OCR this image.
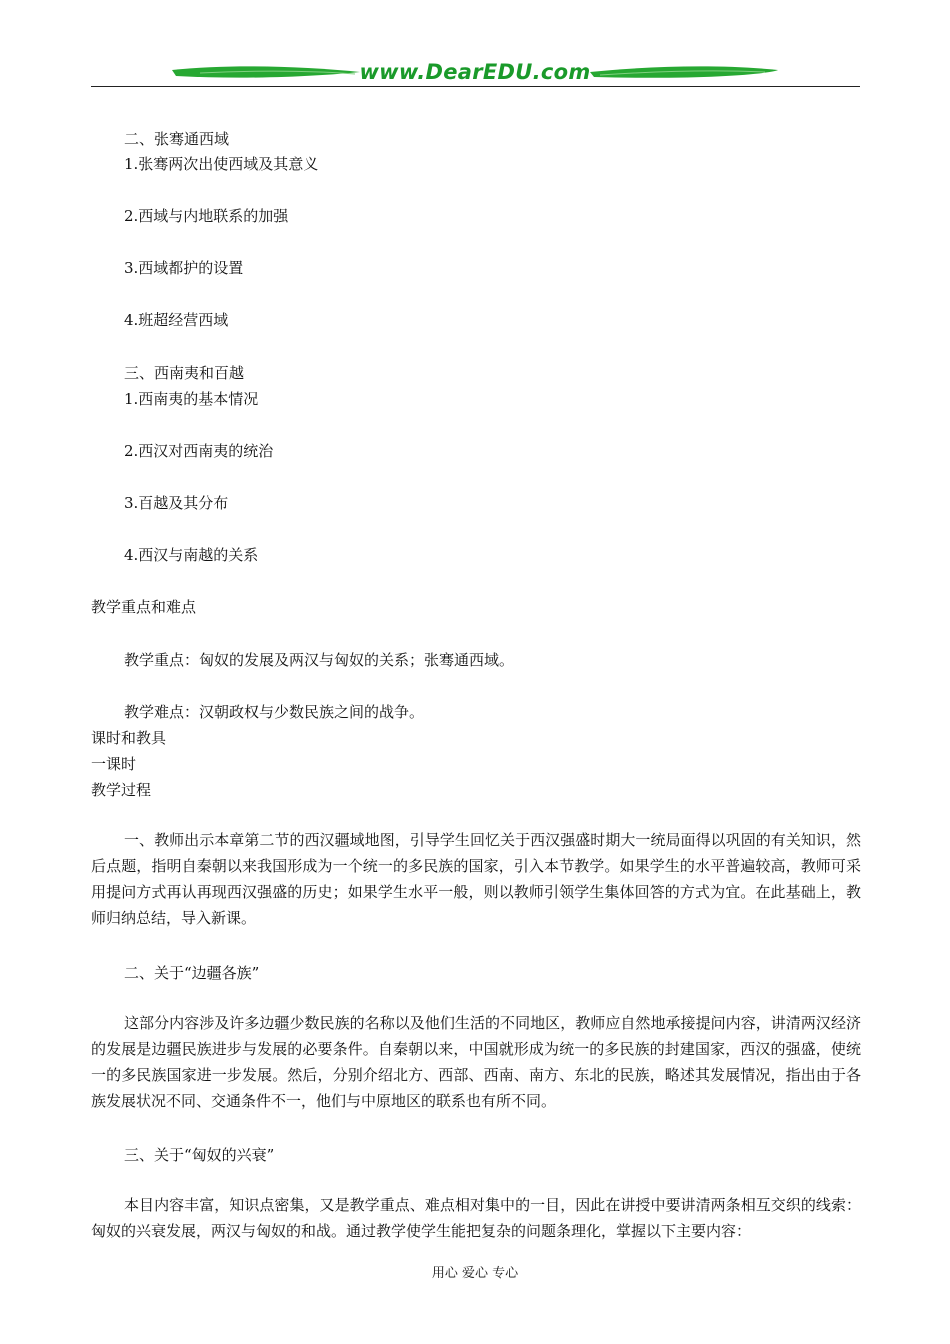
www.DearEDU.com
二、张骞通西域
1.张骞两次出使西域及其意义
2.西域与内地联系的加强
3.西域都护的设置
4.班超经营西域
三、西南夷和百越
1.西南夷的基本情况
2.西汉对西南夷的统治
3.百越及其分布
4.西汉与南越的关系
教学重点和难点
教学重点：匈奴的发展及两汉与匈奴的关系；张骞通西域。
教学难点：汉朝政权与少数民族之间的战争。
课时和教具
一课时
教学过程
一、教师出示本章第二节的西汉疆域地图，引导学生回忆关于西汉强盛时期大一统局面得以巩固的有关知识，然后点题，指明自秦朝以来我国形成为一个统一的多民族的国家，引入本节教学。如果学生的水平普遍较高，教师可采用提问方式再认再现西汉强盛的历史；如果学生水平一般，则以教师引领学生集体回答的方式为宜。在此基础上，教师归纳总结，导入新课。
二、关于“边疆各族”
这部分内容涉及许多边疆少数民族的名称以及他们生活的不同地区，教师应自然地承接提问内容，讲清两汉经济的发展是边疆民族进步与发展的必要条件。自秦朝以来，中国就形成为统一的多民族的封建国家，西汉的强盛，使统一的多民族国家进一步发展。然后，分别介绍北方、西部、西南、南方、东北的民族，略述其发展情况，指出由于各族发展状况不同、交通条件不一，他们与中原地区的联系也有所不同。
三、关于“匈奴的兴衰”
本目内容丰富，知识点密集，又是教学重点、难点相对集中的一目，因此在讲授中要讲清两条相互交织的线索：匈奴的兴衰发展，两汉与匈奴的和战。通过教学使学生能把复杂的问题条理化，掌握以下主要内容：
用心 爱心 专心
